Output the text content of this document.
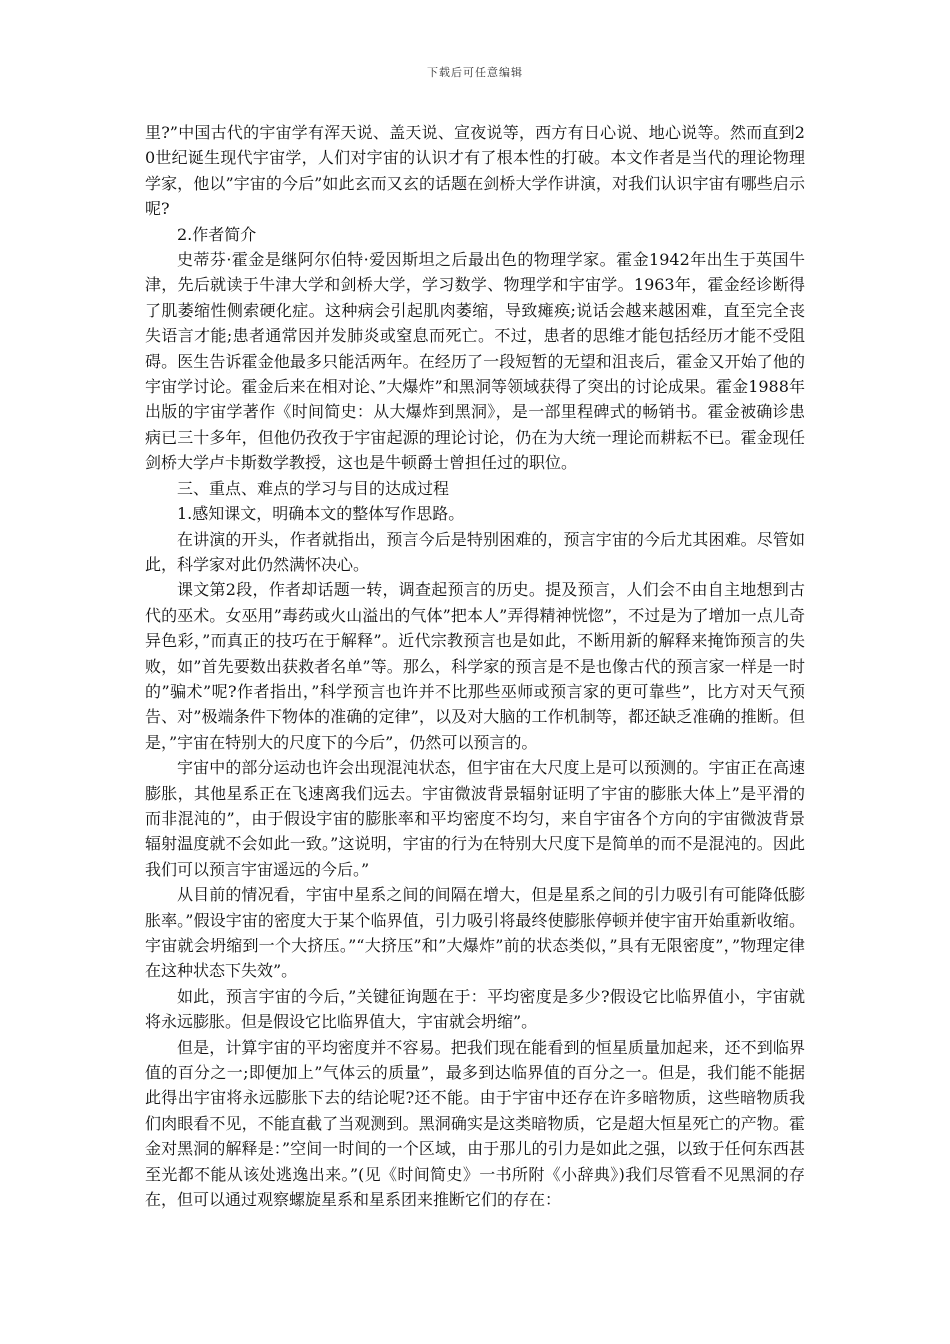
下载后可任意编辑

里?”中国古代的宇宙学有浑天说、盖天说、宣夜说等，西方有日心说、地心说等。然而直到20世纪诞生现代宇宙学，人们对宇宙的认识才有了根本性的打破。本文作者是当代的理论物理学家，他以”宇宙的今后”如此玄而又玄的话题在剑桥大学作讲演，对我们认识宇宙有哪些启示呢?

2.作者简介

史蒂芬·霍金是继阿尔伯特·爱因斯坦之后最出色的物理学家。霍金1942年出生于英国牛津，先后就读于牛津大学和剑桥大学，学习数学、物理学和宇宙学。1963年，霍金经诊断得了肌萎缩性侧索硬化症。这种病会引起肌肉萎缩，导致瘫痪;说话会越来越困难，直至完全丧失语言才能;患者通常因并发肺炎或窒息而死亡。不过，患者的思维才能包括经历才能不受阻碍。医生告诉霍金他最多只能活两年。在经历了一段短暂的无望和沮丧后，霍金又开始了他的宇宙学讨论。霍金后来在相对论、”大爆炸”和黑洞等领域获得了突出的讨论成果。霍金1988年出版的宇宙学著作《时间简史：从大爆炸到黑洞》，是一部里程碑式的畅销书。霍金被确诊患病已三十多年，但他仍孜孜于宇宙起源的理论讨论，仍在为大统一理论而耕耘不已。霍金现任剑桥大学卢卡斯数学教授，这也是牛顿爵士曾担任过的职位。

三、重点、难点的学习与目的达成过程

1.感知课文，明确本文的整体写作思路。

在讲演的开头，作者就指出，预言今后是特别困难的，预言宇宙的今后尤其困难。尽管如此，科学家对此仍然满怀决心。

课文第2段，作者却话题一转，调查起预言的历史。提及预言，人们会不由自主地想到古代的巫术。女巫用”毒药或火山溢出的气体”把本人”弄得精神恍惚”，不过是为了增加一点儿奇异色彩，”而真正的技巧在于解释”。近代宗教预言也是如此，不断用新的解释来掩饰预言的失败，如”首先要数出获救者名单”等。那么，科学家的预言是不是也像古代的预言家一样是一时的”骗术”呢?作者指出，”科学预言也许并不比那些巫师或预言家的更可靠些”，比方对天气预告、对”极端条件下物体的准确的定律”，以及对大脑的工作机制等，都还缺乏准确的推断。但是，”宇宙在特别大的尺度下的今后”，仍然可以预言的。

宇宙中的部分运动也许会出现混沌状态，但宇宙在大尺度上是可以预测的。宇宙正在高速膨胀，其他星系正在飞速离我们远去。宇宙微波背景辐射证明了宇宙的膨胀大体上”是平滑的而非混沌的”，由于假设宇宙的膨胀率和平均密度不均匀，来自宇宙各个方向的宇宙微波背景辐射温度就不会如此一致。”这说明，宇宙的行为在特别大尺度下是简单的而不是混沌的。因此我们可以预言宇宙遥远的今后。”

从目前的情况看，宇宙中星系之间的间隔在增大，但是星系之间的引力吸引有可能降低膨胀率。”假设宇宙的密度大于某个临界值，引力吸引将最终使膨胀停顿并使宇宙开始重新收缩。宇宙就会坍缩到一个大挤压。”“大挤压”和”大爆炸”前的状态类似，”具有无限密度”，”物理定律在这种状态下失效”。

如此，预言宇宙的今后，”关键征询题在于：平均密度是多少?假设它比临界值小，宇宙就将永远膨胀。但是假设它比临界值大，宇宙就会坍缩”。

但是，计算宇宙的平均密度并不容易。把我们现在能看到的恒星质量加起来，还不到临界值的百分之一;即便加上”气体云的质量”，最多到达临界值的百分之一。但是，我们能不能据此得出宇宙将永远膨胀下去的结论呢?还不能。由于宇宙中还存在许多暗物质，这些暗物质我们肉眼看不见，不能直截了当观测到。黑洞确实是这类暗物质，它是超大恒星死亡的产物。霍金对黑洞的解释是：”空间一时间的一个区域，由于那儿的引力是如此之强，以致于任何东西甚至光都不能从该处逃逸出来。”(见《时间简史》一书所附《小辞典》)我们尽管看不见黑洞的存在，但可以通过观察螺旋星系和星系团来推断它们的存在：
